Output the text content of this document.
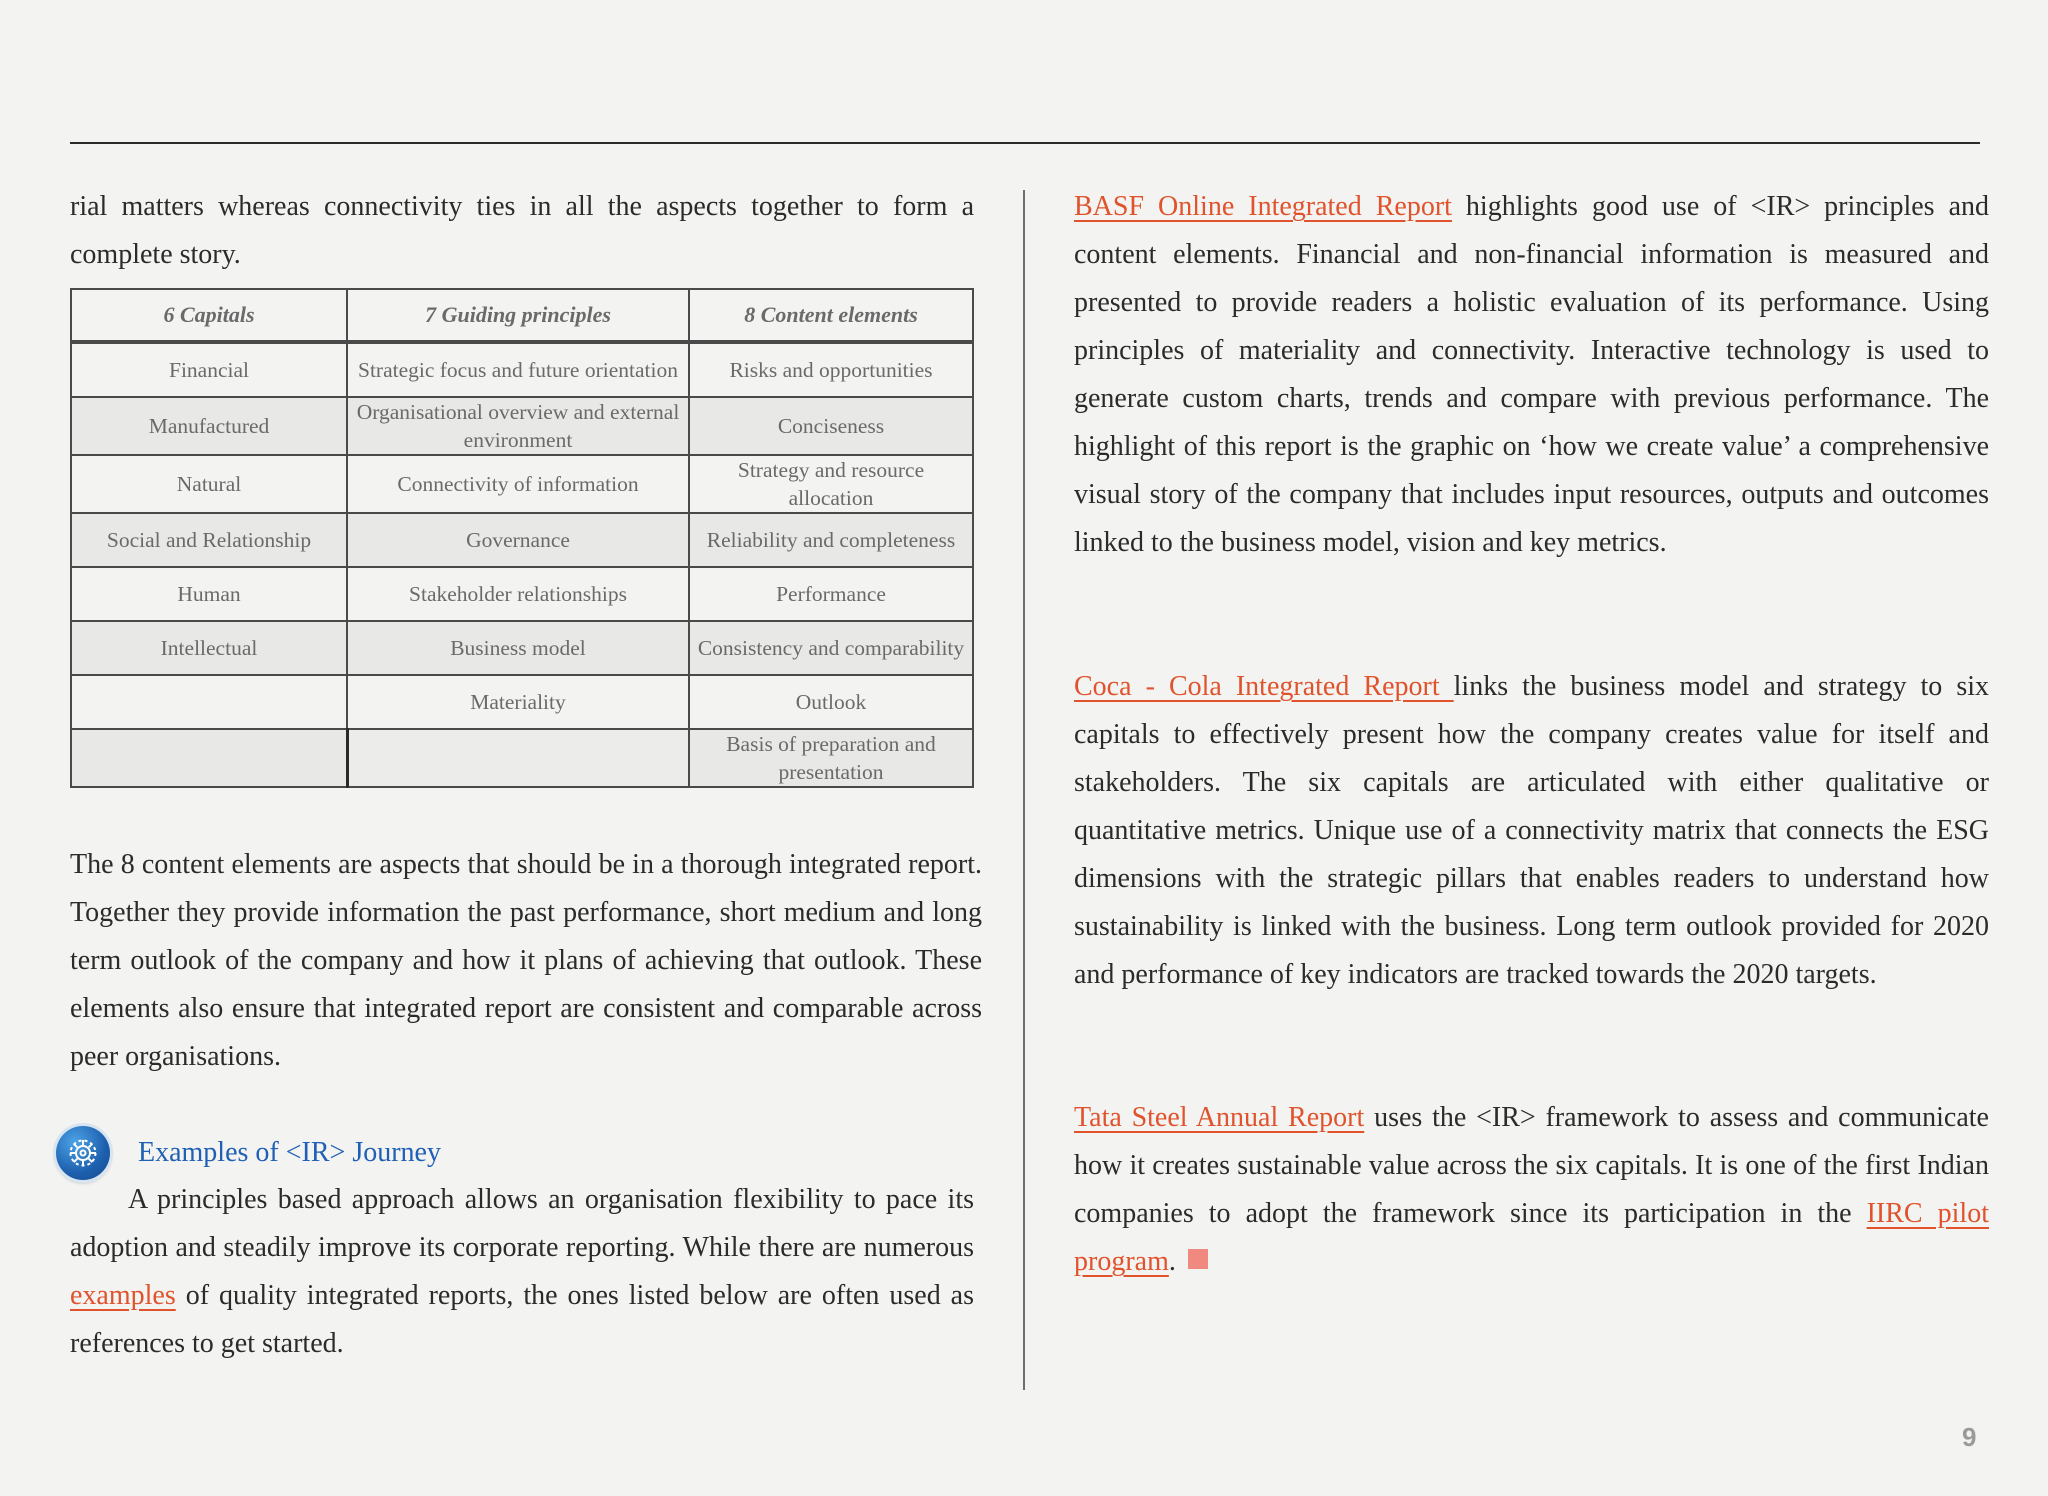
rial matters whereas connectivity ties in all the aspects together to form a complete story.

6 Capitals	7 Guiding principles	8 Content elements
Financial	Strategic focus and future orientation	Risks and opportunities
Manufactured	Organisational overview and external environment	Conciseness
Natural	Connectivity of information	Strategy and resource allocation
Social and Relationship	Governance	Reliability and completeness
Human	Stakeholder relationships	Performance
Intellectual	Business model	Consistency and comparability
	Materiality	Outlook
		Basis of preparation and presentation

The 8 content elements are aspects that should be in a thorough integrated report. Together they provide information the past performance, short medium and long term outlook of the company and how it plans of achieving that outlook. These elements also ensure that integrated report are consistent and comparable across peer organisations.

Examples of <IR> Journey

A principles based approach allows an organisation flexibility to pace its adoption and steadily improve its corporate reporting. While there are numerous examples of quality integrated reports, the ones listed below are often used as references to get started.

BASF Online Integrated Report highlights good use of <IR> principles and content elements. Financial and non-financial information is measured and presented to provide readers a holistic evaluation of its performance. Using principles of materiality and connectivity. Interactive technology is used to generate custom charts, trends and compare with previous performance. The highlight of this report is the graphic on ‘how we create value’ a comprehensive visual story of the company that includes input resources, outputs and outcomes linked to the business model, vision and key metrics.

Coca - Cola Integrated Report links the business model and strategy to six capitals to effectively present how the company creates value for itself and stakeholders. The six capitals are articulated with either qualitative or quantitative metrics. Unique use of a connectivity matrix that connects the ESG dimensions with the strategic pillars that enables readers to understand how sustainability is linked with the business. Long term outlook provided for 2020 and performance of key indicators are tracked towards the 2020 targets.

Tata Steel Annual Report uses the <IR> framework to assess and communicate how it creates sustainable value across the six capitals. It is one of the first Indian companies to adopt the framework since its participation in the IIRC pilot program.

9
